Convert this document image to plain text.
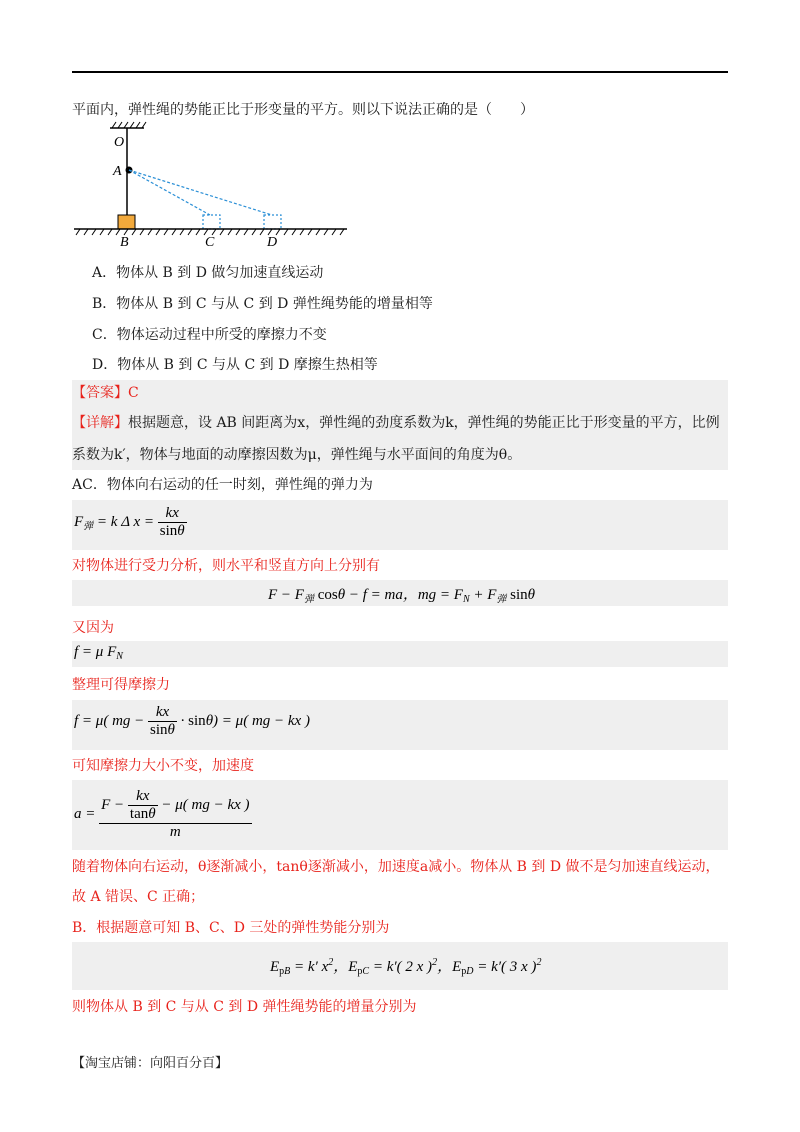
平面内，弹性绳的势能正比于形变量的平方。则以下说法正确的是（　　）
O
A
B	C	D
A．物体从 B 到 D 做匀加速直线运动
B．物体从 B 到 C 与从 C 到 D 弹性绳势能的增量相等
C．物体运动过程中所受的摩擦力不变
D．物体从 B 到 C 与从 C 到 D 摩擦生热相等
【答案】C
【详解】根据题意，设 AB 间距离为x，弹性绳的劲度系数为k，弹性绳的势能正比于形变量的平方，比例
系数为k′，物体与地面的动摩擦因数为μ，弹性绳与水平面间的角度为θ。
AC．物体向右运动的任一时刻，弹性绳的弹力为
$F_弹 = k$ Δ $x = \frac{kx}{\sin\theta}$
对物体进行受力分析，则水平和竖直方向上分别有
$F - F_弹$ cosθ − f = ma，mg = $F_N + F_弹$ sinθ
又因为
f = μ $F_N$
整理可得摩擦力
f = μ( mg − $\frac{kx}{\sin\theta} \cdot \sin\theta) = \mu$( mg − kx )
可知摩擦力大小不变，加速度
$a = \frac{F - \frac{kx}{\tan\theta} - \mu( mg - kx )}{m}$
随着物体向右运动，θ逐渐减小，tanθ逐渐减小，加速度a减小。物体从 B 到 D 做不是匀加速直线运动，
故 A 错误、C 正确；
B．根据题意可知 B、C、D 三处的弹性势能分别为
$E_{pB} = k'$ $x^2$，$E_{pC} = k'$( 2 x )$^2$，$E_{pD} = k'$( 3 x )$^2$
则物体从 B 到 C 与从 C 到 D 弹性绳势能的增量分别为
【淘宝店铺：向阳百分百】
